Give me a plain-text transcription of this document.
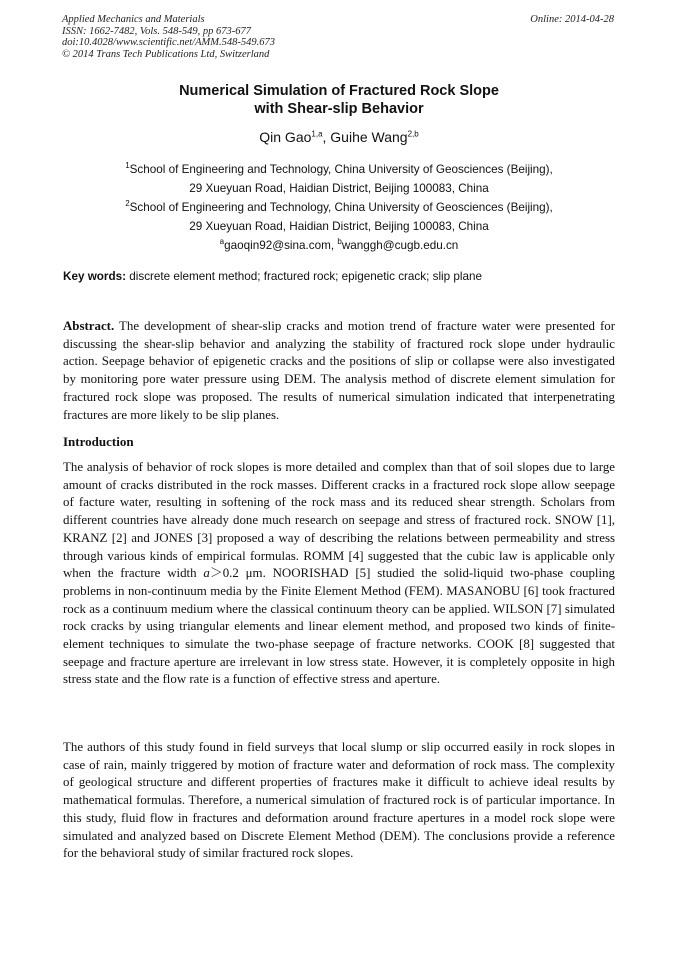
Applied Mechanics and Materials
ISSN: 1662-7482, Vols. 548-549, pp 673-677
doi:10.4028/www.scientific.net/AMM.548-549.673
© 2014 Trans Tech Publications Ltd, Switzerland
Online: 2014-04-28
Numerical Simulation of Fractured Rock Slope
with Shear-slip Behavior
Qin Gao$^{1,a}$, Guihe Wang$^{2,b}$
$^1$School of Engineering and Technology, China University of Geosciences (Beijing),
29 Xueyuan Road, Haidian District, Beijing 100083, China
$^2$School of Engineering and Technology, China University of Geosciences (Beijing),
29 Xueyuan Road, Haidian District, Beijing 100083, China
$^a$gaoqin92@sina.com, $^b$wanggh@cugb.edu.cn
Key words: discrete element method; fractured rock; epigenetic crack; slip plane

Abstract. The development of shear-slip cracks and motion trend of fracture water were presented for discussing the shear-slip behavior and analyzing the stability of fractured rock slope under hydraulic action. Seepage behavior of epigenetic cracks and the positions of slip or collapse were also investigated by monitoring pore water pressure using DEM. The analysis method of discrete element simulation for fractured rock slope was proposed. The results of numerical simulation indicated that interpenetrating fractures are more likely to be slip planes.

Introduction

The analysis of behavior of rock slopes is more detailed and complex than that of soil slopes due to large amount of cracks distributed in the rock masses. Different cracks in a fractured rock slope allow seepage of facture water, resulting in softening of the rock mass and its reduced shear strength. Scholars from different countries have already done much research on seepage and stress of fractured rock. SNOW [1], KRANZ [2] and JONES [3] proposed a way of describing the relations between permeability and stress through various kinds of empirical formulas. ROMM [4] suggested that the cubic law is applicable only when the fracture width a＞0.2 μm. NOORISHAD [5] studied the solid-liquid two-phase coupling problems in non-continuum media by the Finite Element Method (FEM). MASANOBU [6] took fractured rock as a continuum medium where the classical continuum theory can be applied. WILSON [7] simulated rock cracks by using triangular elements and linear element method, and proposed two kinds of finite-element techniques to simulate the two-phase seepage of fracture networks. COOK [8] suggested that seepage and fracture aperture are irrelevant in low stress state. However, it is completely opposite in high stress state and the flow rate is a function of effective stress and aperture.

The authors of this study found in field surveys that local slump or slip occurred easily in rock slopes in case of rain, mainly triggered by motion of fracture water and deformation of rock mass. The complexity of geological structure and different properties of fractures make it difficult to achieve ideal results by mathematical formulas. Therefore, a numerical simulation of fractured rock is of particular importance. In this study, fluid flow in fractures and deformation around fracture apertures in a model rock slope were simulated and analyzed based on Discrete Element Method (DEM). The conclusions provide a reference for the behavioral study of similar fractured rock slopes.
